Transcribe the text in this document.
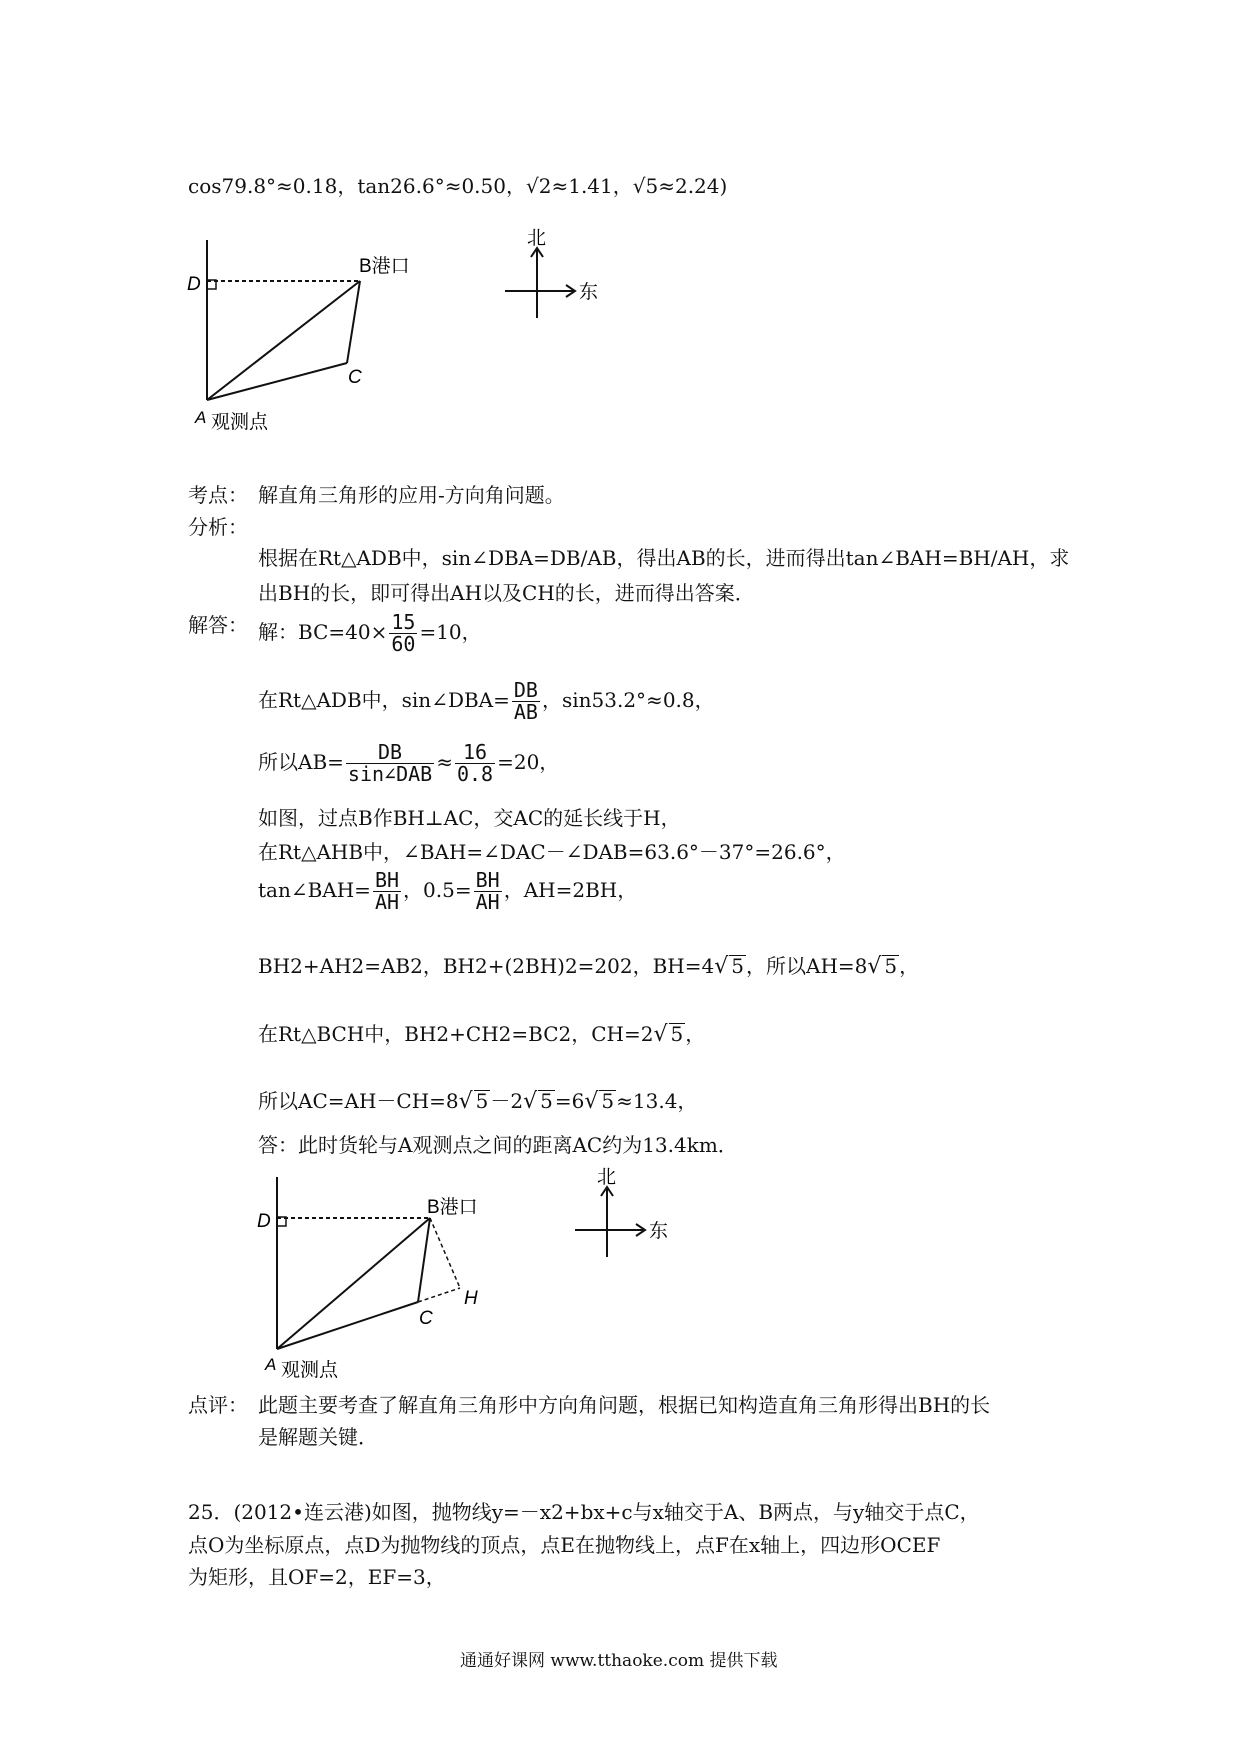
cos79.8°≈0.18，tan26.6°≈0.50，√2≈1.41，√5≈2.24)
D
B港口
C
A 观测点
北
东
考点： 解直角三角形的应用-方向角问题。
分析：
根据在Rt△ADB中，sin∠DBA=DB/AB，得出AB的长，进而得出tan∠BAH=BH/AH，求
出BH的长，即可得出AH以及CH的长，进而得出答案．
解答： 解：$BC=40\times \frac{15}{60} =10$，
在Rt△ADB中，sin∠DBA= $\frac{DB}{AB}$ ，sin53.2°≈0.8，
所以$AB= \frac{DB}{\text{sin∠DAB}} \approx \frac{16}{0.8} =20$，
如图，过点B作BH⊥AC，交AC的延长线于H，
在Rt△AHB中，∠BAH=∠DAC－∠DAB=63.6°－37°=26.6°，
tan∠BAH= $\frac{BH}{AH}$ ，$0.5= \frac{BH}{AH}$ ，AH=2BH，
BH2+AH2=AB2，BH2+(2BH)2=202，BH=4√ 5 ，所以AH=8√ 5 ，
在Rt△BCH中，BH2+CH2=BC2，CH=2√ 5 ，
所以AC=AH－CH=8√ 5 －2√ 5 =6√ 5 ≈13.4，
答：此时货轮与A观测点之间的距离AC约为13.4km．
D
B港口
C
H
A 观测点
北
东
点评： 此题主要考查了解直角三角形中方向角问题，根据已知构造直角三角形得出BH的长
是解题关键．
25．(2012•连云港)如图，抛物线y=－x2+bx+c与x轴交于A、B两点，与y轴交于点C，
点O为坐标原点，点D为抛物线的顶点，点E在抛物线上，点F在x轴上，四边形OCEF
为矩形，且OF=2，EF=3，
通通好课网 www.tthaoke.com 提供下载
